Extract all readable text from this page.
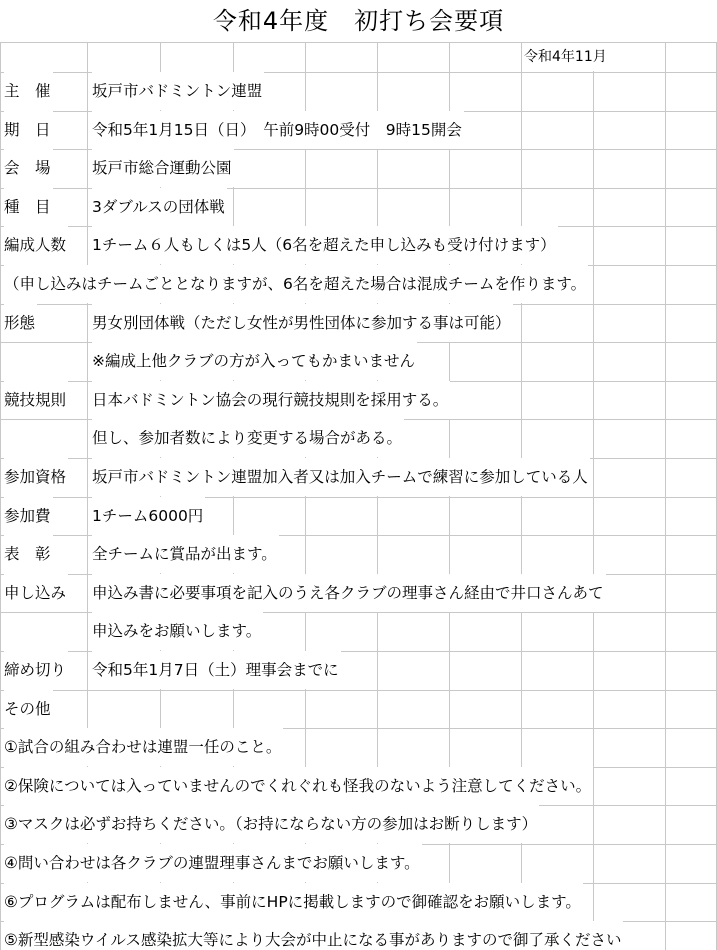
令和4年度　初打ち会要項
令和4年11月
主　催	坂戸市バドミントン連盟
期　日	令和5年1月15日（日）　午前9時00受付　9時15開会
会　場	坂戸市総合運動公園
種　目	3ダブルスの団体戦
編成人数 1チーム６人もしくは5人（6名を超えた申し込みも受け付けます）
（申し込みはチームごととなりますが、6名を超えた場合は混成チームを作ります。
形態	男女別団体戦（ただし女性が男性団体に参加する事は可能）
※編成上他クラブの方が入ってもかまいません
競技規則 日本バドミントン協会の現行競技規則を採用する。
但し、参加者数により変更する場合がある。
参加資格 坂戸市バドミントン連盟加入者又は加入チームで練習に参加している人
参加費	1チーム6000円
表　彰	全チームに賞品が出ます。
申し込み 申込み書に必要事項を記入のうえ各クラブの理事さん経由で井口さんあて
申込みをお願いします。
締め切り 令和5年1月7日（土）理事会までに
その他
①試合の組み合わせは連盟一任のこと。
②保険については入っていませんのでくれぐれも怪我のないよう注意してください。
③マスクは必ずお持ちください。（お持にならない方の参加はお断りします）
④問い合わせは各クラブの連盟理事さんまでお願いします。
⑥プログラムは配布しません、事前にHPに掲載しますので御確認をお願いします。
⑤新型感染ウイルス感染拡大等により大会が中止になる事がありますので御了承ください
